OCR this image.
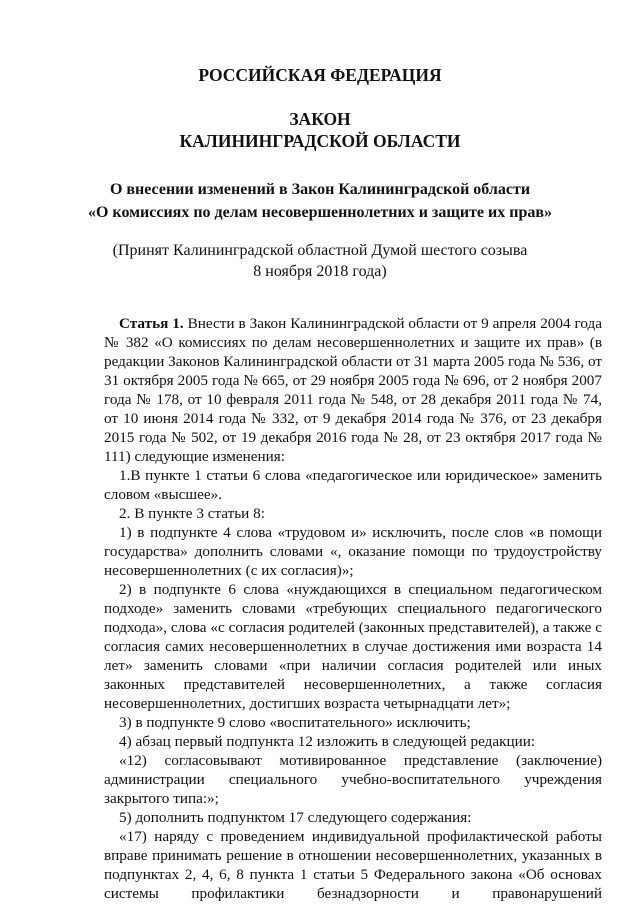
РОССИЙСКАЯ ФЕДЕРАЦИЯ
ЗАКОН
КАЛИНИНГРАДСКОЙ ОБЛАСТИ
О внесении изменений в Закон Калининградской области
«О комиссиях по делам несовершеннолетних и защите их прав»
(Принят Калининградской областной Думой шестого созыва
8 ноября 2018 года)

Статья 1. Внести в Закон Калининградской области от 9 апреля 2004 года № 382 «О комиссиях по делам несовершеннолетних и защите их прав» (в редакции Законов Калининградской области от 31 марта 2005 года № 536, от 31 октября 2005 года № 665, от 29 ноября 2005 года № 696, от 2 ноября 2007 года № 178, от 10 февраля 2011 года № 548, от 28 декабря 2011 года № 74, от 10 июня 2014 года № 332, от 9 декабря 2014 года № 376, от 23 декабря 2015 года № 502, от 19 декабря 2016 года № 28, от 23 октября 2017 года № 111) следующие изменения:

1.В пункте 1 статьи 6 слова «педагогическое или юридическое» заменить словом «высшее».

2. В пункте 3 статьи 8:

1) в подпункте 4 слова «трудовом и» исключить, после слов «в помощи государства» дополнить словами «, оказание помощи по трудоустройству несовершеннолетних (с их согласия)»;

2) в подпункте 6 слова «нуждающихся в специальном педагогическом подходе» заменить словами «требующих специального педагогического подхода», слова «с согласия родителей (законных представителей), а также с согласия самих несовершеннолетних в случае достижения ими возраста 14 лет» заменить словами «при наличии согласия родителей или иных законных представителей несовершеннолетних, а также согласия несовершеннолетних, достигших возраста четырнадцати лет»;

3) в подпункте 9 слово «воспитательного» исключить;

4) абзац первый подпункта 12 изложить в следующей редакции:

«12) согласовывают мотивированное представление (заключение) администрации специального учебно-воспитательного учреждения закрытого типа:»;

5) дополнить подпунктом 17 следующего содержания:

«17) наряду с проведением индивидуальной профилактической работы вправе принимать решение в отношении несовершеннолетних, указанных в подпунктах 2, 4, 6, 8 пункта 1 статьи 5 Федерального закона «Об основах системы профилактики безнадзорности и правонарушений
